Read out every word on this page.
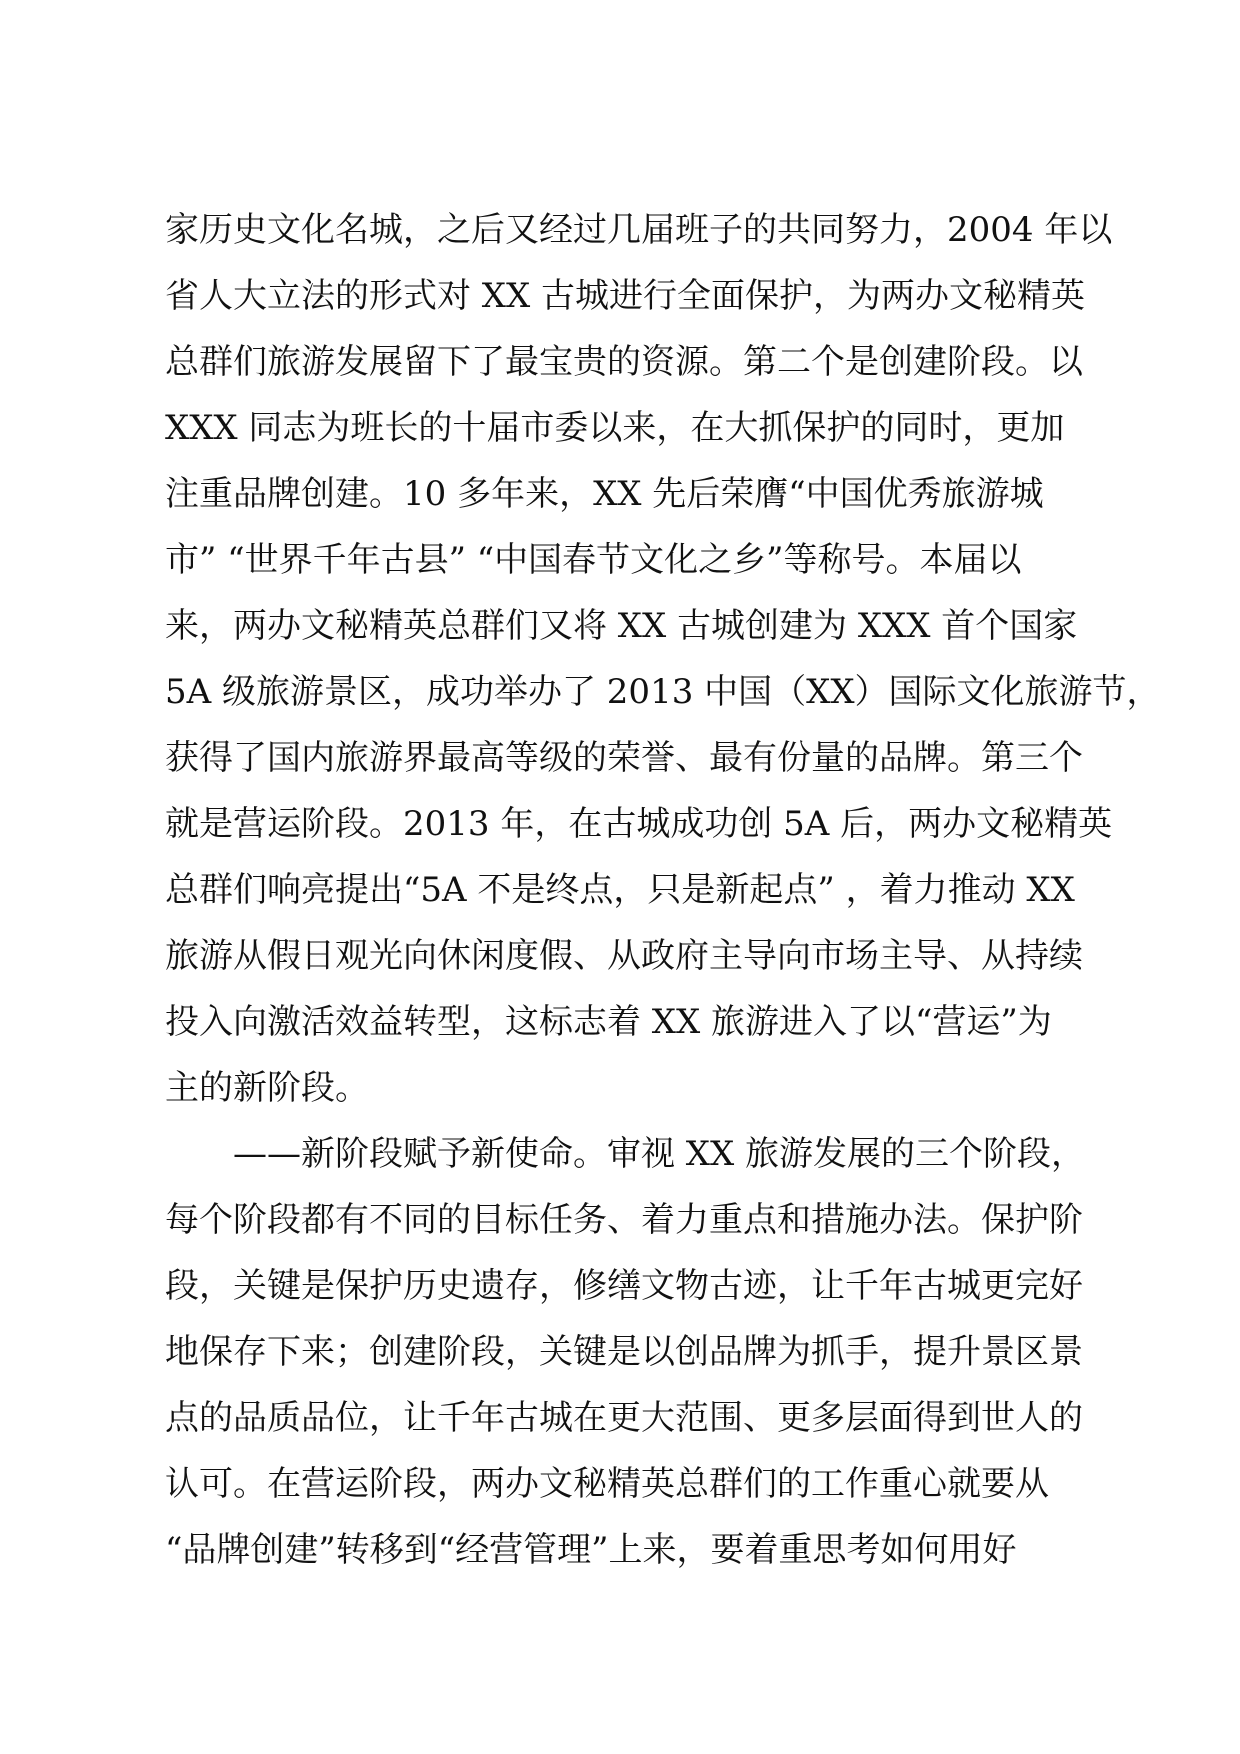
家历史文化名城，之后又经过几届班子的共同努力，2004 年以
省人大立法的形式对 XX 古城进行全面保护，为两办文秘精英
总群们旅游发展留下了最宝贵的资源。第二个是创建阶段。以
XXX 同志为班长的十届市委以来，在大抓保护的同时，更加
注重品牌创建。10 多年来，XX 先后荣膺“中国优秀旅游城
市” “世界千年古县” “中国春节文化之乡”等称号。本届以
来，两办文秘精英总群们又将 XX 古城创建为 XXX 首个国家
5A 级旅游景区，成功举办了 2013 中国（XX）国际文化旅游节，
获得了国内旅游界最高等级的荣誉、最有份量的品牌。第三个
就是营运阶段。2013 年，在古城成功创 5A 后，两办文秘精英
总群们响亮提出“5A 不是终点，只是新起点” ，着力推动 XX
旅游从假日观光向休闲度假、从政府主导向市场主导、从持续
投入向激活效益转型，这标志着 XX 旅游进入了以“营运”为
主的新阶段。
——新阶段赋予新使命。审视 XX 旅游发展的三个阶段，
每个阶段都有不同的目标任务、着力重点和措施办法。保护阶
段，关键是保护历史遗存，修缮文物古迹，让千年古城更完好
地保存下来；创建阶段，关键是以创品牌为抓手，提升景区景
点的品质品位，让千年古城在更大范围、更多层面得到世人的
认可。在营运阶段，两办文秘精英总群们的工作重心就要从
“品牌创建”转移到“经营管理”上来，要着重思考如何用好
